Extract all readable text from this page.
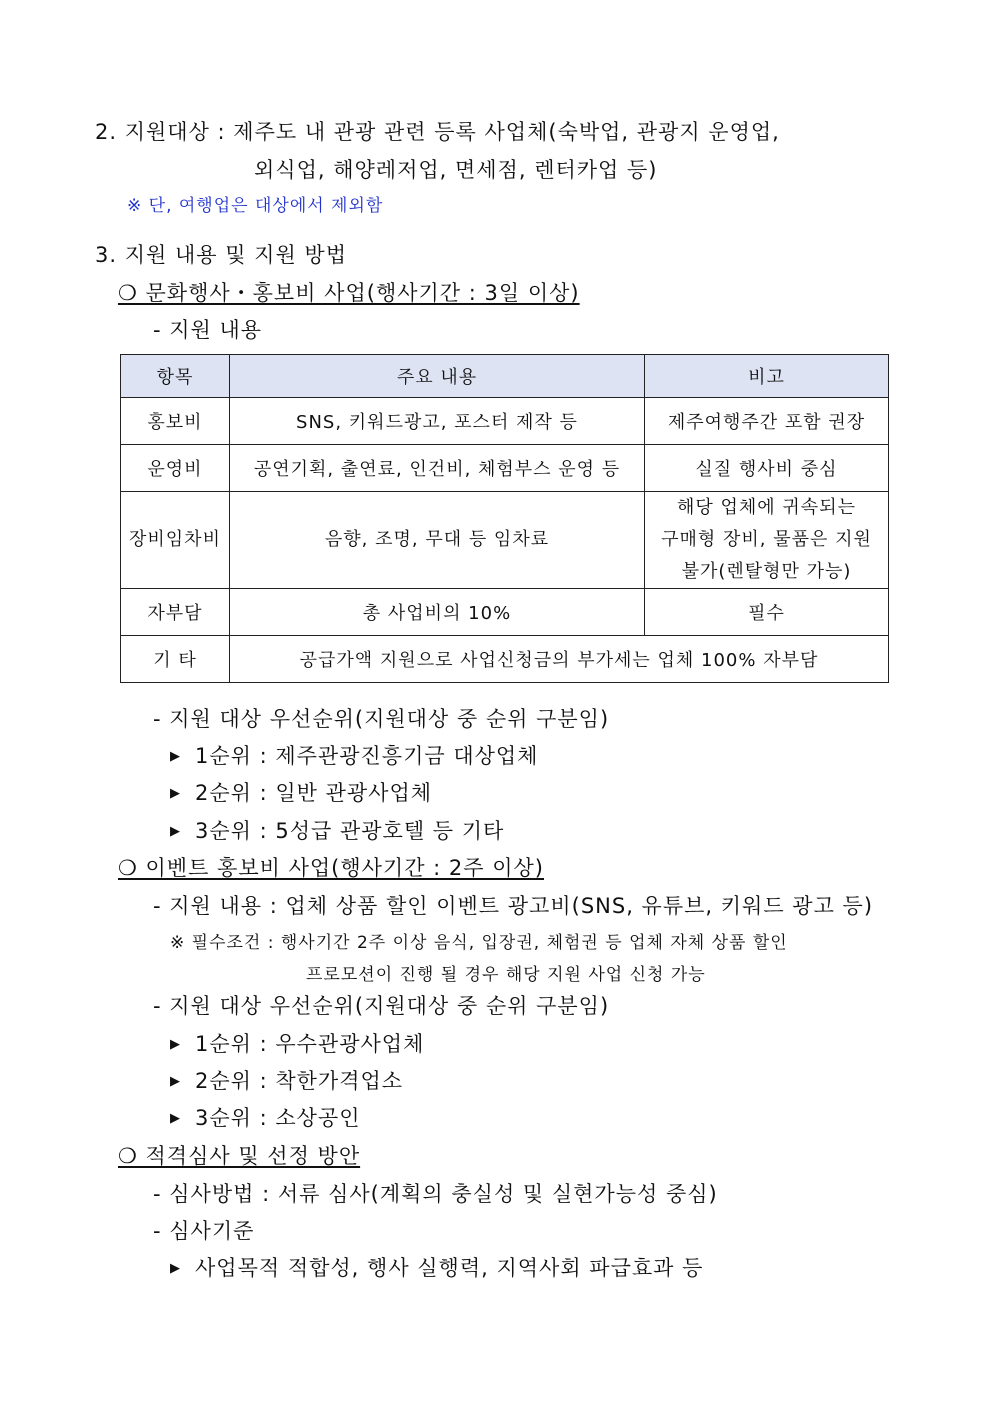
2. 지원대상 : 제주도 내 관광 관련 등록 사업체(숙박업, 관광지 운영업,
외식업, 해양레저업, 면세점, 렌터카업 등)
※ 단, 여행업은 대상에서 제외함
3. 지원 내용 및 지원 방법
❍ 문화행사・홍보비 사업(행사기간 : 3일 이상)
- 지원 내용
항목	주요 내용	비고
홍보비	SNS, 키워드광고, 포스터 제작 등	제주여행주간 포함 권장
운영비	공연기획, 출연료, 인건비, 체험부스 운영 등	실질 행사비 중심
장비임차비	음향, 조명, 무대 등 임차료	해당 업체에 귀속되는
구매형 장비, 물품은 지원
불가(렌탈형만 가능)

자부담	총 사업비의 10%	필수
기 타	공급가액 지원으로 사업신청금의 부가세는 업체 100% 자부담	
- 지원 대상 우선순위(지원대상 중 순위 구분임)
▶ 1순위 : 제주관광진흥기금 대상업체
▶ 2순위 : 일반 관광사업체
▶ 3순위 : 5성급 관광호텔 등 기타
❍ 이벤트 홍보비 사업(행사기간 : 2주 이상)
- 지원 내용 : 업체 상품 할인 이벤트 광고비(SNS, 유튜브, 키워드 광고 등)
※ 필수조건 : 행사기간 2주 이상 음식, 입장권, 체험권 등 업체 자체 상품 할인
프로모션이 진행 될 경우 해당 지원 사업 신청 가능
- 지원 대상 우선순위(지원대상 중 순위 구분임)
▶ 1순위 : 우수관광사업체
▶ 2순위 : 착한가격업소
▶ 3순위 : 소상공인
❍ 적격심사 및 선정 방안
- 심사방법 : 서류 심사(계획의 충실성 및 실현가능성 중심)
- 심사기준
▶ 사업목적 적합성, 행사 실행력, 지역사회 파급효과 등
